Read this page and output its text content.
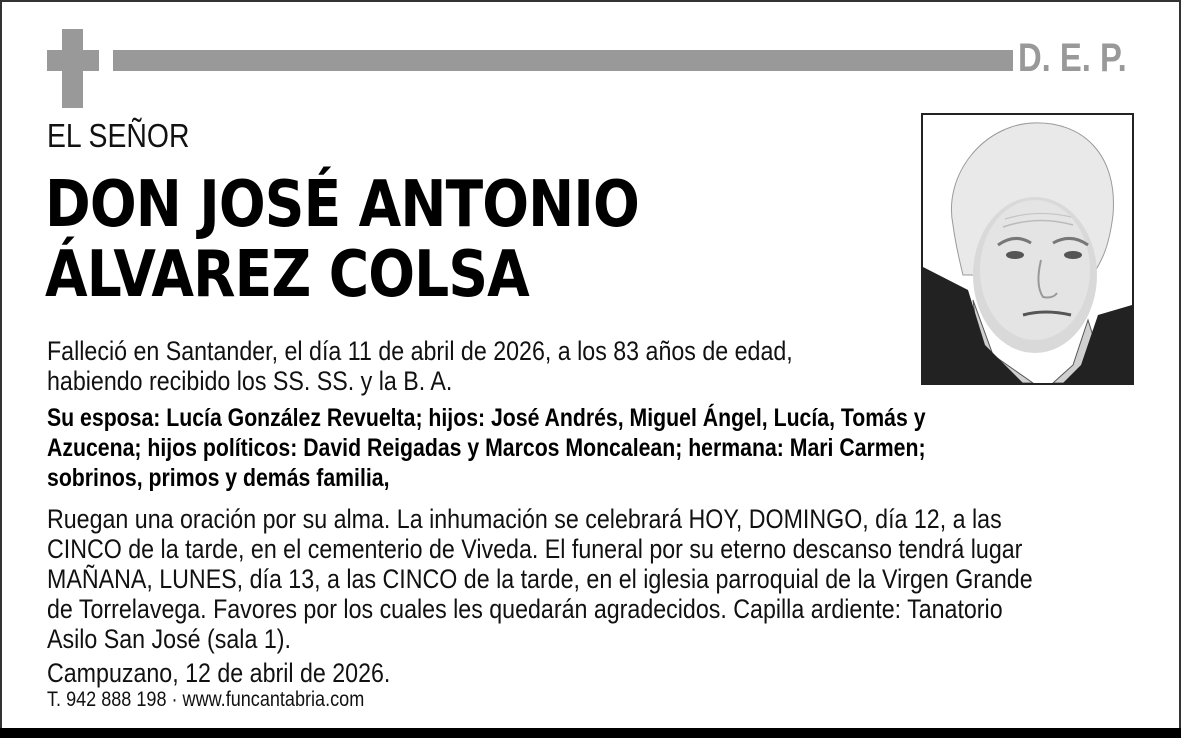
D. E. P.
EL SEÑOR
DON JOSÉ ANTONIO
ÁLVAREZ COLSA
Falleció en Santander, el día 11 de abril de 2026, a los 83 años de edad,
habiendo recibido los SS. SS. y la B. A.
Su esposa: Lucía González Revuelta; hijos: José Andrés, Miguel Ángel, Lucía, Tomás y
Azucena; hijos políticos: David Reigadas y Marcos Moncalean; hermana: Mari Carmen;
sobrinos, primos y demás familia,
Ruegan una oración por su alma. La inhumación se celebrará HOY, DOMINGO, día 12, a las
CINCO de la tarde, en el cementerio de Viveda. El funeral por su eterno descanso tendrá lugar
MAÑANA, LUNES, día 13, a las CINCO de la tarde, en el iglesia parroquial de la Virgen Grande
de Torrelavega. Favores por los cuales les quedarán agradecidos. Capilla ardiente: Tanatorio
Asilo San José (sala 1).
Campuzano, 12 de abril de 2026.
T. 942 888 198 · www.funcantabria.com
